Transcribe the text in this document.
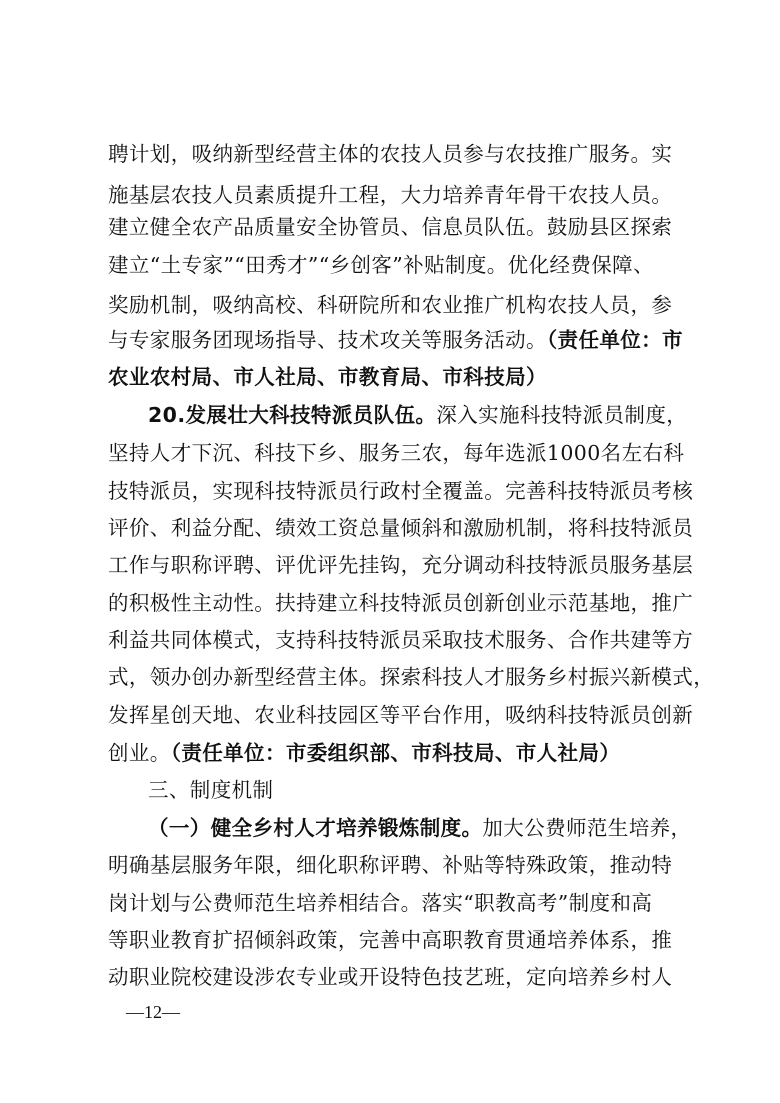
聘计划，吸纳新型经营主体的农技人员参与农技推广服务。实
施基层农技人员素质提升工程，大力培养青年骨干农技人员。
建立健全农产品质量安全协管员、信息员队伍。鼓励县区探索
建立“土专家”“田秀才”“乡创客”补贴制度。优化经费保障、
奖励机制，吸纳高校、科研院所和农业推广机构农技人员，参
与专家服务团现场指导、技术攻关等服务活动。（责任单位：市
农业农村局、市人社局、市教育局、市科技局）
20.发展壮大科技特派员队伍。深入实施科技特派员制度，
坚持人才下沉、科技下乡、服务三农，每年选派1000名左右科
技特派员，实现科技特派员行政村全覆盖。完善科技特派员考核
评价、利益分配、绩效工资总量倾斜和激励机制，将科技特派员
工作与职称评聘、评优评先挂钩，充分调动科技特派员服务基层
的积极性主动性。扶持建立科技特派员创新创业示范基地，推广
利益共同体模式，支持科技特派员采取技术服务、合作共建等方
式，领办创办新型经营主体。探索科技人才服务乡村振兴新模式，
发挥星创天地、农业科技园区等平台作用，吸纳科技特派员创新
创业。（责任单位：市委组织部、市科技局、市人社局）
三、制度机制
（一）健全乡村人才培养锻炼制度。加大公费师范生培养，
明确基层服务年限，细化职称评聘、补贴等特殊政策，推动特
岗计划与公费师范生培养相结合。落实“职教高考”制度和高
等职业教育扩招倾斜政策，完善中高职教育贯通培养体系，推
动职业院校建设涉农专业或开设特色技艺班，定向培养乡村人
—12—
